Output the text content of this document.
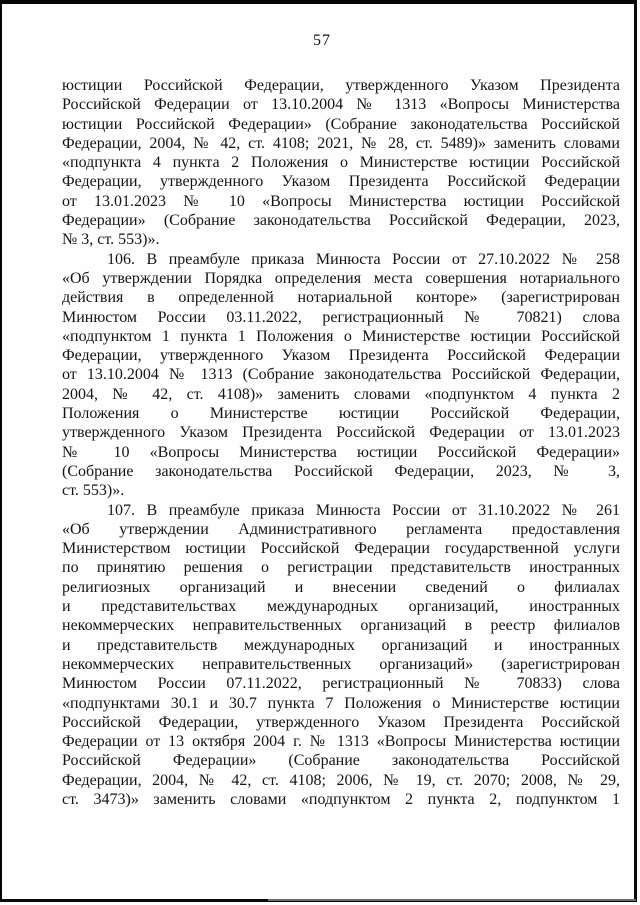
57
юстиции Российской Федерации, утвержденного Указом Президента
Российской Федерации от 13.10.2004 № 1313 «Вопросы Министерства
юстиции Российской Федерации» (Собрание законодательства Российской
Федерации, 2004, № 42, ст. 4108; 2021, № 28, ст. 5489)» заменить словами
«подпункта 4 пункта 2 Положения о Министерстве юстиции Российской
Федерации, утвержденного Указом Президента Российской Федерации
от 13.01.2023 № 10 «Вопросы Министерства юстиции Российской
Федерации» (Собрание законодательства Российской Федерации, 2023,
№ 3, ст. 553)».
106. В преамбуле приказа Минюста России от 27.10.2022 № 258
«Об утверждении Порядка определения места совершения нотариального
действия в определенной нотариальной конторе» (зарегистрирован
Минюстом России 03.11.2022, регистрационный № 70821) слова
«подпунктом 1 пункта 1 Положения о Министерстве юстиции Российской
Федерации, утвержденного Указом Президента Российской Федерации
от 13.10.2004 № 1313 (Собрание законодательства Российской Федерации,
2004, № 42, ст. 4108)» заменить словами «подпунктом 4 пункта 2
Положения о Министерстве юстиции Российской Федерации,
утвержденного Указом Президента Российской Федерации от 13.01.2023
№ 10 «Вопросы Министерства юстиции Российской Федерации»
(Собрание законодательства Российской Федерации, 2023, № 3,
ст. 553)».
107. В преамбуле приказа Минюста России от 31.10.2022 № 261
«Об утверждении Административного регламента предоставления
Министерством юстиции Российской Федерации государственной услуги
по принятию решения о регистрации представительств иностранных
религиозных организаций и внесении сведений о филиалах
и представительствах международных организаций, иностранных
некоммерческих неправительственных организаций в реестр филиалов
и представительств международных организаций и иностранных
некоммерческих неправительственных организаций» (зарегистрирован
Минюстом России 07.11.2022, регистрационный № 70833) слова
«подпунктами 30.1 и 30.7 пункта 7 Положения о Министерстве юстиции
Российской Федерации, утвержденного Указом Президента Российской
Федерации от 13 октября 2004 г. № 1313 «Вопросы Министерства юстиции
Российской Федерации» (Собрание законодательства Российской
Федерации, 2004, № 42, ст. 4108; 2006, № 19, ст. 2070; 2008, № 29,
ст. 3473)» заменить словами «подпунктом 2 пункта 2, подпунктом 1
